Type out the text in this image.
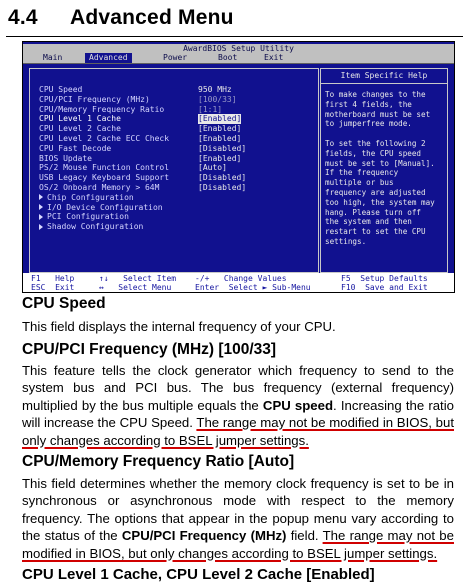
4.4 Advanced Menu
AwardBIOS Setup Utility
Main	Advanced	Power	Boot	Exit
CPU Speed	950 MHz
CPU/PCI Frequency (MHz)	[100/33]
CPU/Memory Frequency Ratio	[1:1]
CPU Level 1 Cache	[Enabled]
CPU Level 2 Cache	[Enabled]
CPU Level 2 Cache ECC Check	[Enabled]
CPU Fast Decode	[Disabled]
BIOS Update	[Enabled]
PS/2 Mouse Function Control	[Auto]
USB Legacy Keyboard Support	[Disabled]
OS/2 Onboard Memory > 64M	[Disabled]
Chip Configuration
I/O Device Configuration
PCI Configuration
Shadow Configuration
Item Specific Help
To make changes to the
first 4 fields, the
motherboard must be set
to jumperfree mode.

To set the following 2
fields, the CPU speed
must be set to [Manual].
If the frequency
multiple or bus
frequency are adjusted
too high, the system may
hang. Please turn off
the system and then
restart to set the CPU
settings.
F1 Help	↑↓ Select Item -/+ Change Values	F5 Setup Defaults
ESC Exit	↔ Select Menu	Enter Select ► Sub-Menu	F10 Save and Exit
CPU Speed
This field displays the internal frequency of your CPU.
CPU/PCI Frequency (MHz) [100/33]
This feature tells the clock generator which frequency to send to the system bus and PCI bus. The bus frequency (external frequency) multiplied by the bus multiple equals the CPU speed. Increasing the ratio will increase the CPU Speed. The range may not be modified in BIOS, but only changes according to BSEL jumper settings.
CPU/Memory Frequency Ratio [Auto]
This field determines whether the memory clock frequency is set to be in synchronous or asynchronous mode with respect to the memory frequency. The options that appear in the popup menu vary according to the status of the CPU/PCI Frequency (MHz) field. The range may not be modified in BIOS, but only changes according to BSEL jumper settings.
CPU Level 1 Cache, CPU Level 2 Cache [Enabled]
